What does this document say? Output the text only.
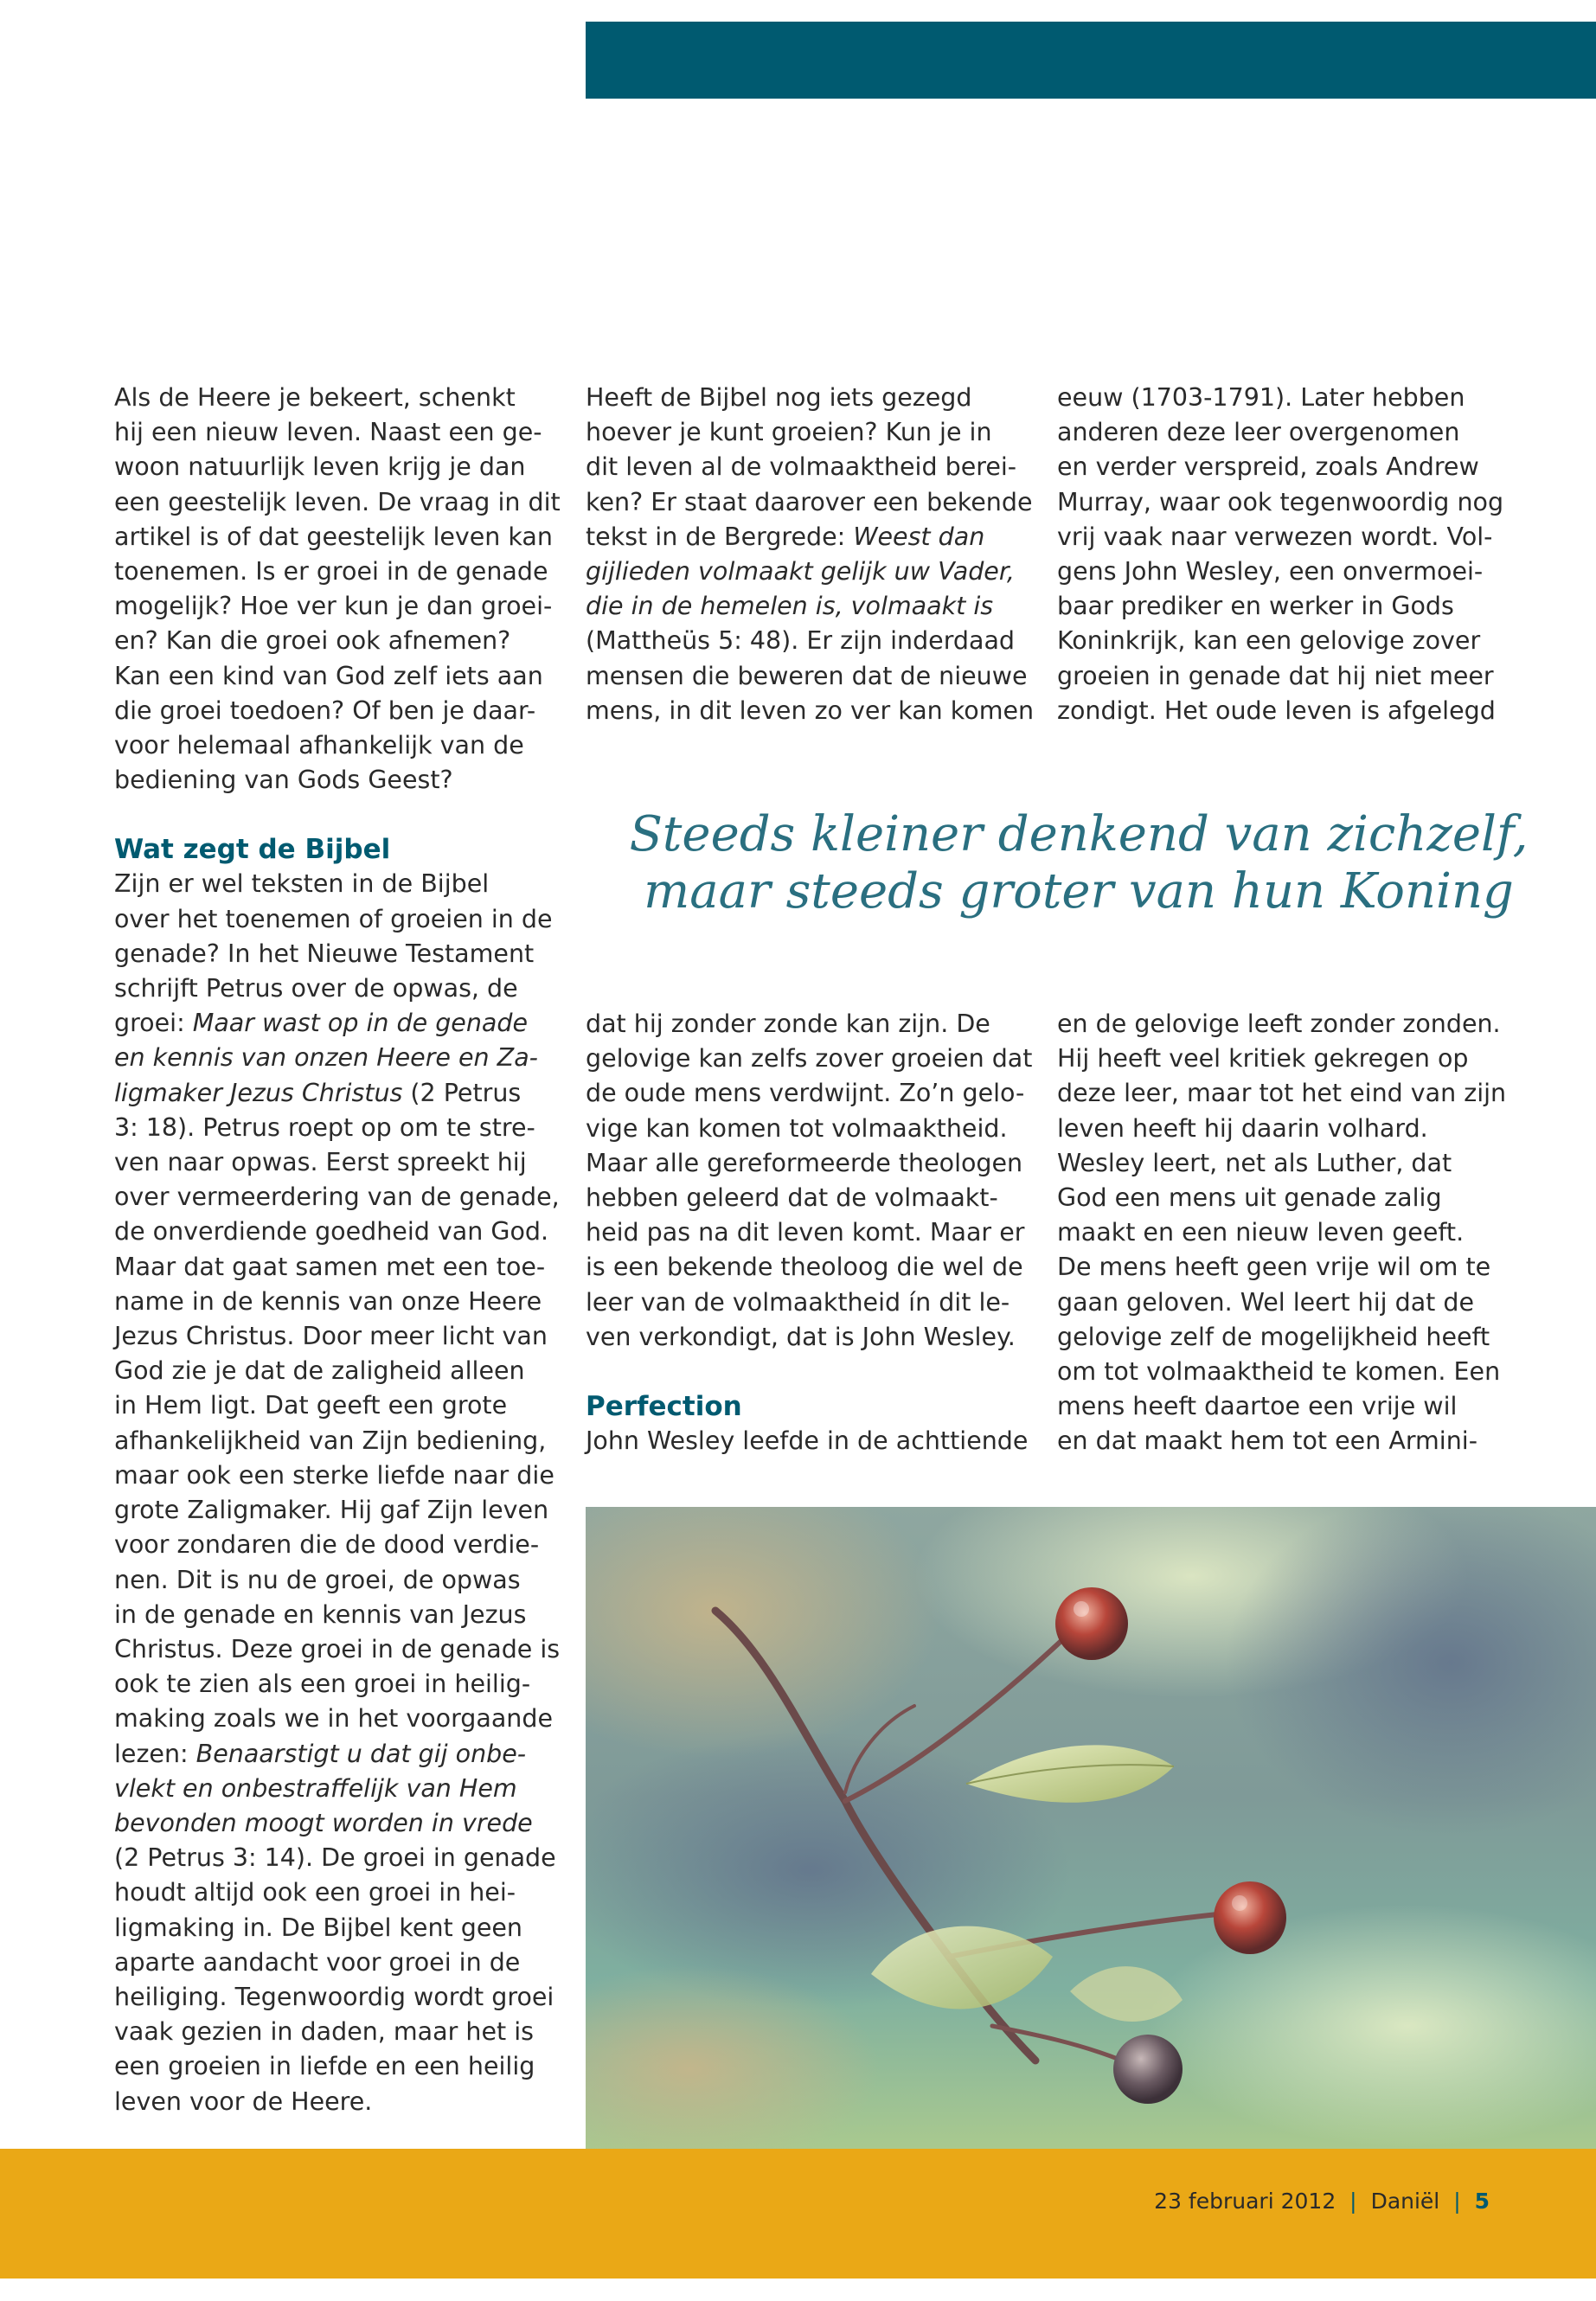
Als de Heere je bekeert, schenkt
hij een nieuw leven. Naast een ge-
woon natuurlijk leven krijg je dan
een geestelijk leven. De vraag in dit
artikel is of dat geestelijk leven kan
toenemen. Is er groei in de genade
mogelijk? Hoe ver kun je dan groei-
en? Kan die groei ook afnemen?
Kan een kind van God zelf iets aan
die groei toedoen? Of ben je daar-
voor helemaal afhankelijk van de
bediening van Gods Geest?
Wat zegt de Bijbel
Zijn er wel teksten in de Bijbel
over het toenemen of groeien in de
genade? In het Nieuwe Testament
schrijft Petrus over de opwas, de
groei: Maar wast op in de genade
en kennis van onzen Heere en Za-
ligmaker Jezus Christus (2 Petrus
3: 18). Petrus roept op om te stre-
ven naar opwas. Eerst spreekt hij
over vermeerdering van de genade,
de onverdiende goedheid van God.
Maar dat gaat samen met een toe-
name in de kennis van onze Heere
Jezus Christus. Door meer licht van
God zie je dat de zaligheid alleen
in Hem ligt. Dat geeft een grote
afhankelijkheid van Zijn bediening,
maar ook een sterke liefde naar die
grote Zaligmaker. Hij gaf Zijn leven
voor zondaren die de dood verdie-
nen. Dit is nu de groei, de opwas
in de genade en kennis van Jezus
Christus. Deze groei in de genade is
ook te zien als een groei in heilig-
making zoals we in het voorgaande
lezen: Benaarstigt u dat gij onbe-
vlekt en onbestraffelijk van Hem
bevonden moogt worden in vrede
(2 Petrus 3: 14). De groei in genade
houdt altijd ook een groei in hei-
ligmaking in. De Bijbel kent geen
aparte aandacht voor groei in de
heiliging. Tegenwoordig wordt groei
vaak gezien in daden, maar het is
een groeien in liefde en een heilig
leven voor de Heere.
Heeft de Bijbel nog iets gezegd
hoever je kunt groeien? Kun je in
dit leven al de volmaaktheid berei-
ken? Er staat daarover een bekende
tekst in de Bergrede: Weest dan
gijlieden volmaakt gelijk uw Vader,
die in de hemelen is, volmaakt is
(Mattheüs 5: 48). Er zijn inderdaad
mensen die beweren dat de nieuwe
mens, in dit leven zo ver kan komen
eeuw (1703-1791). Later hebben
anderen deze leer overgenomen
en verder verspreid, zoals Andrew
Murray, waar ook tegenwoordig nog
vrij vaak naar verwezen wordt. Vol-
gens John Wesley, een onvermoei-
baar prediker en werker in Gods
Koninkrijk, kan een gelovige zover
groeien in genade dat hij niet meer
zondigt. Het oude leven is afgelegd
Steeds kleiner denkend van zichzelf,
maar steeds groter van hun Koning
dat hij zonder zonde kan zijn. De
gelovige kan zelfs zover groeien dat
de oude mens verdwijnt. Zo’n gelo-
vige kan komen tot volmaaktheid.
Maar alle gereformeerde theologen
hebben geleerd dat de volmaakt-
heid pas na dit leven komt. Maar er
is een bekende theoloog die wel de
leer van de volmaaktheid ín dit le-
ven verkondigt, dat is John Wesley.
Perfection
John Wesley leefde in de achttiende
en de gelovige leeft zonder zonden.
Hij heeft veel kritiek gekregen op
deze leer, maar tot het eind van zijn
leven heeft hij daarin volhard.
Wesley leert, net als Luther, dat
God een mens uit genade zalig
maakt en een nieuw leven geeft.
De mens heeft geen vrije wil om te
gaan geloven. Wel leert hij dat de
gelovige zelf de mogelijkheid heeft
om tot volmaaktheid te komen. Een
mens heeft daartoe een vrije wil
en dat maakt hem tot een Armini-
23 februari 2012 | Daniël | 5
